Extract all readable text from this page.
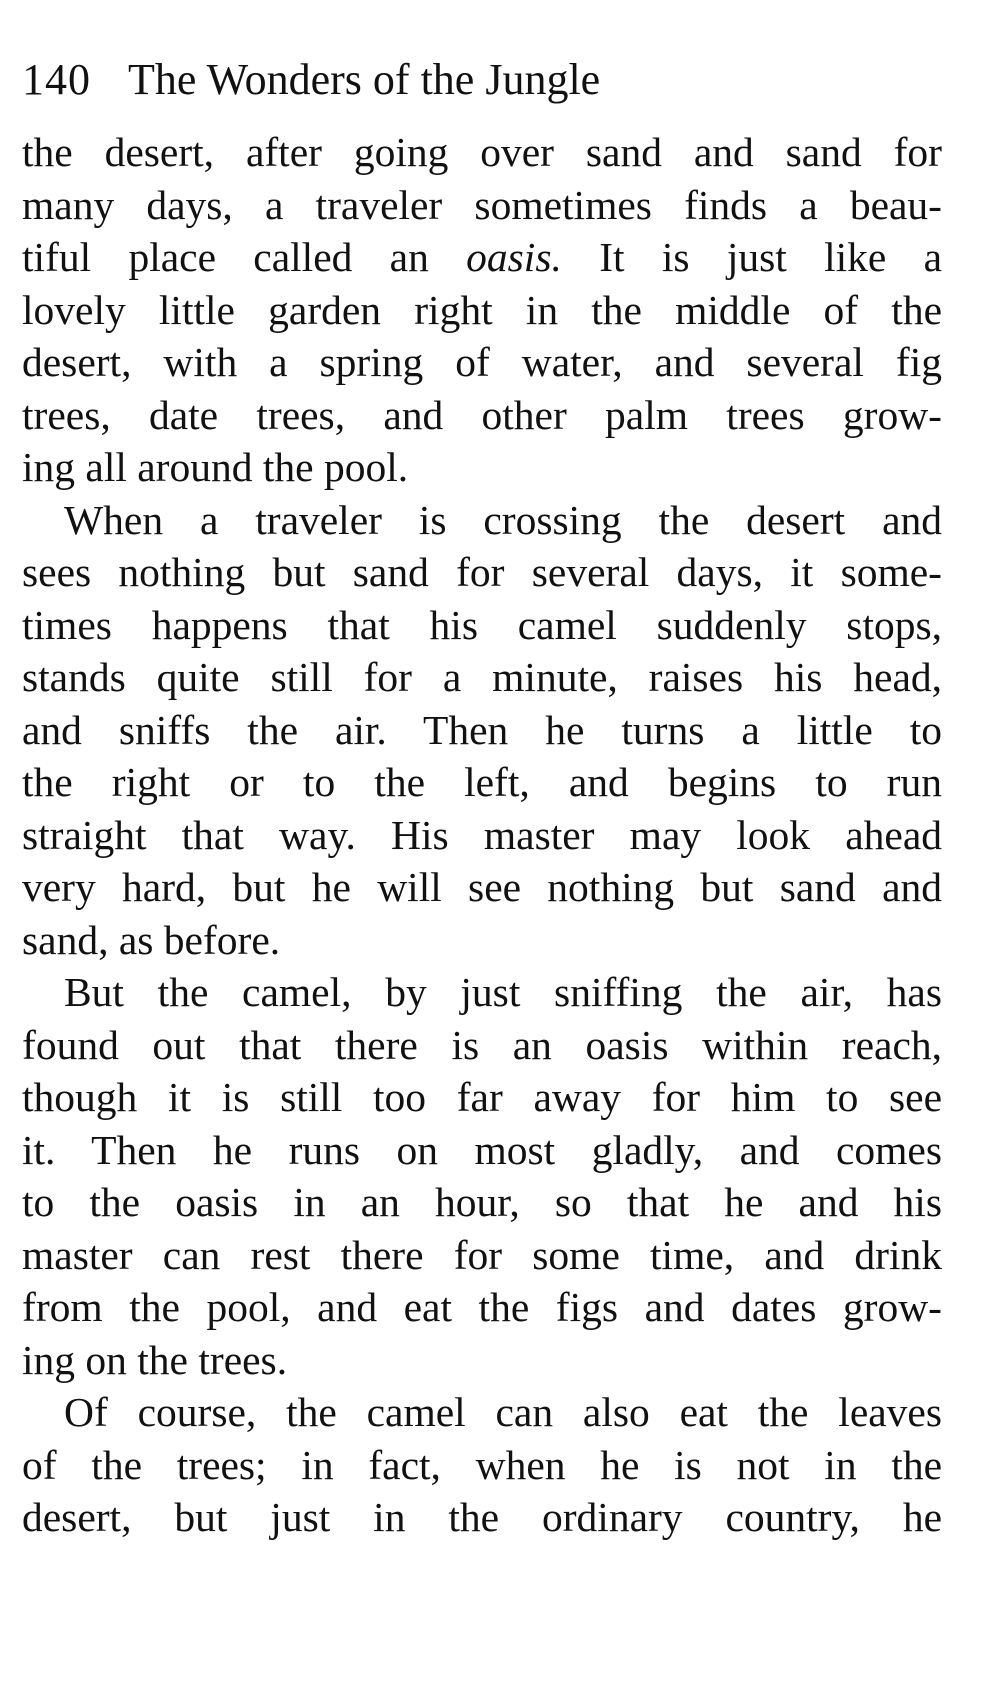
140 The Wonders of the Jungle
the desert, after going over sand and sand for
many days, a traveler sometimes finds a beau-
tiful place called an oasis. It is just like a
lovely little garden right in the middle of the
desert, with a spring of water, and several fig
trees, date trees, and other palm trees grow-
ing all around the pool.
When a traveler is crossing the desert and
sees nothing but sand for several days, it some-
times happens that his camel suddenly stops,
stands quite still for a minute, raises his head,
and sniffs the air. Then he turns a little to
the right or to the left, and begins to run
straight that way. His master may look ahead
very hard, but he will see nothing but sand and
sand, as before.
But the camel, by just sniffing the air, has
found out that there is an oasis within reach,
though it is still too far away for him to see
it. Then he runs on most gladly, and comes
to the oasis in an hour, so that he and his
master can rest there for some time, and drink
from the pool, and eat the figs and dates grow-
ing on the trees.
Of course, the camel can also eat the leaves
of the trees; in fact, when he is not in the
desert, but just in the ordinary country, he
